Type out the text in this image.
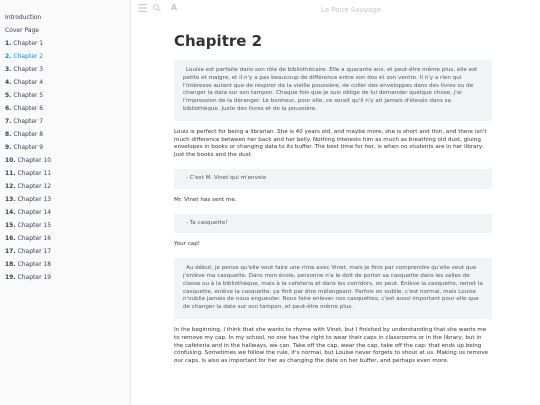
Introduction
Cover Page
1. Chapter 1
2. Chapter 2
3. Chapter 3
4. Chapter 4
5. Chapter 5
6. Chapter 6
7. Chapter 7
8. Chapter 8
9. Chapter 9
10. Chapter 10
11. Chapter 11
12. Chapter 12
13. Chapter 13
14. Chapter 14
15. Chapter 15
16. Chapter 16
17. Chapter 17
18. Chapter 18
19. Chapter 19
A	La Poire Sauvage
Chapitre 2

Louise est parfaite dans son rôle de bibliothécaire. Elle a quarante ans, et peut-être même plus, elle est petite et maigre, et il n'y a pas beaucoup de différence entre son dos et son ventre. Il n'y a rien qui l'intéresse autant que de respirer de la vieille poussière, de coller des enveloppes dans des livres ou de changer la data sur son tampon. Chaque fois que je suis oblige de lui demander quelque chose, j'ai l'impression de la déranger. Le bonheur, pour elle, ce serait qu'il n'y ait jamais d'élevés dans sa bibliothèque. Juste des livres et de la poussière.

Louis is perfect for being a librarian. She is 40 years old, and maybe more, she is short and thin, and there isn't much difference between her back and her belly. Nothing interests him as much as breathing old dust, gluing envelopes in books or changing data to its buffer. The best time for her, is when no students are in her library. Just the books and the dust.

- C'est M. Vinet qui m'envoie

Mr. Vinet has sent me.

- Ta casquette!

Your cap!

Au début, je pense qu'elle veut faire une rime avec Vinet, mais je finis par comprendre qu'elle veut que j'enlève ma casquette. Dans mon école, personne n'a le doit de porter sa casquette dans les salles de classe ou à la bibliothèque, mais à la cafeteria et dans les corridors, on peut. Enlève la casquette, remet la casquette, enlève la casquette: ça finit par être mélangeant. Parfois on oublie, c'est normal, mais Louise n'oublie jamais de nous engueuler. Nous faire enlever nos casquettes, c'est aussi important pour elle que de changer la date sur son tampon, et peut-être même plus.

In the beginning, I think that she wants to rhyme with Vinet, but I finished by understanding that she wants me to remove my cap. In my school, no one has the right to wear their caps in classrooms or in the library, but in the cafeteria and in the hallways, we can. Take off the cap, wear the cap, take off the cap: that ends up being confusing. Sometimes we follow the rule, it's normal, but Louise never forgets to shout at us. Making us remove our caps, is also as important for her as changing the date on her buffer, and perhaps even more.
